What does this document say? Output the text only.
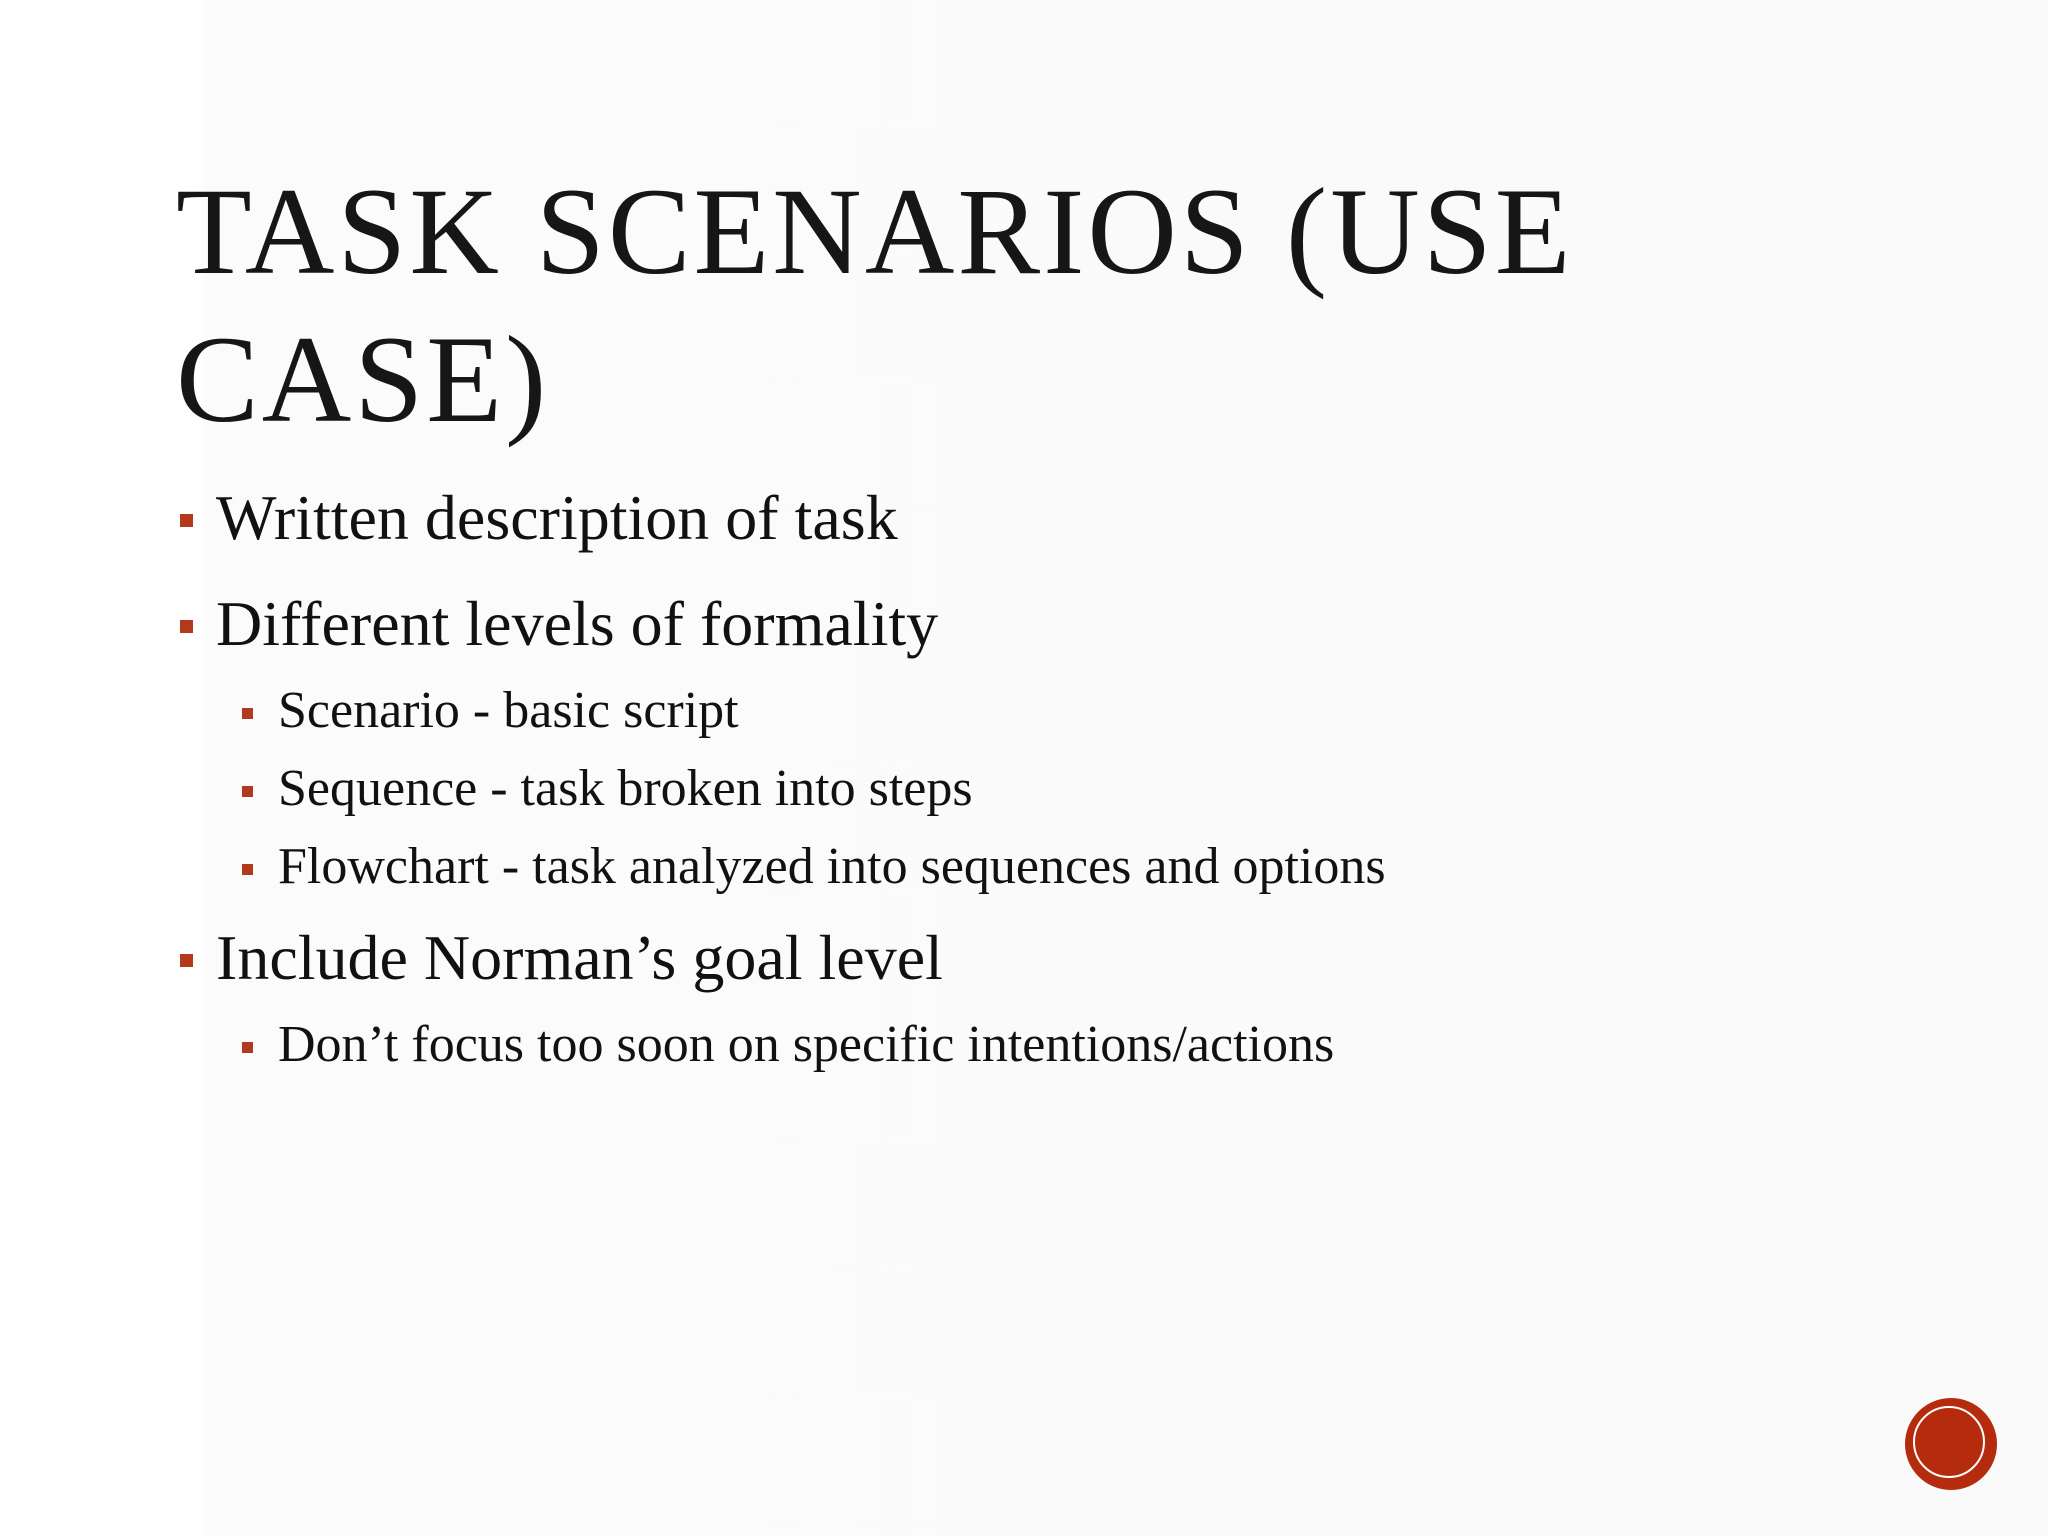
TASK SCENARIOS (USE CASE)
Written description of task
Different levels of formality
Scenario - basic script
Sequence - task broken into steps
Flowchart - task analyzed into sequences and options
Include Norman’s goal level
Don’t focus too soon on specific intentions/actions
